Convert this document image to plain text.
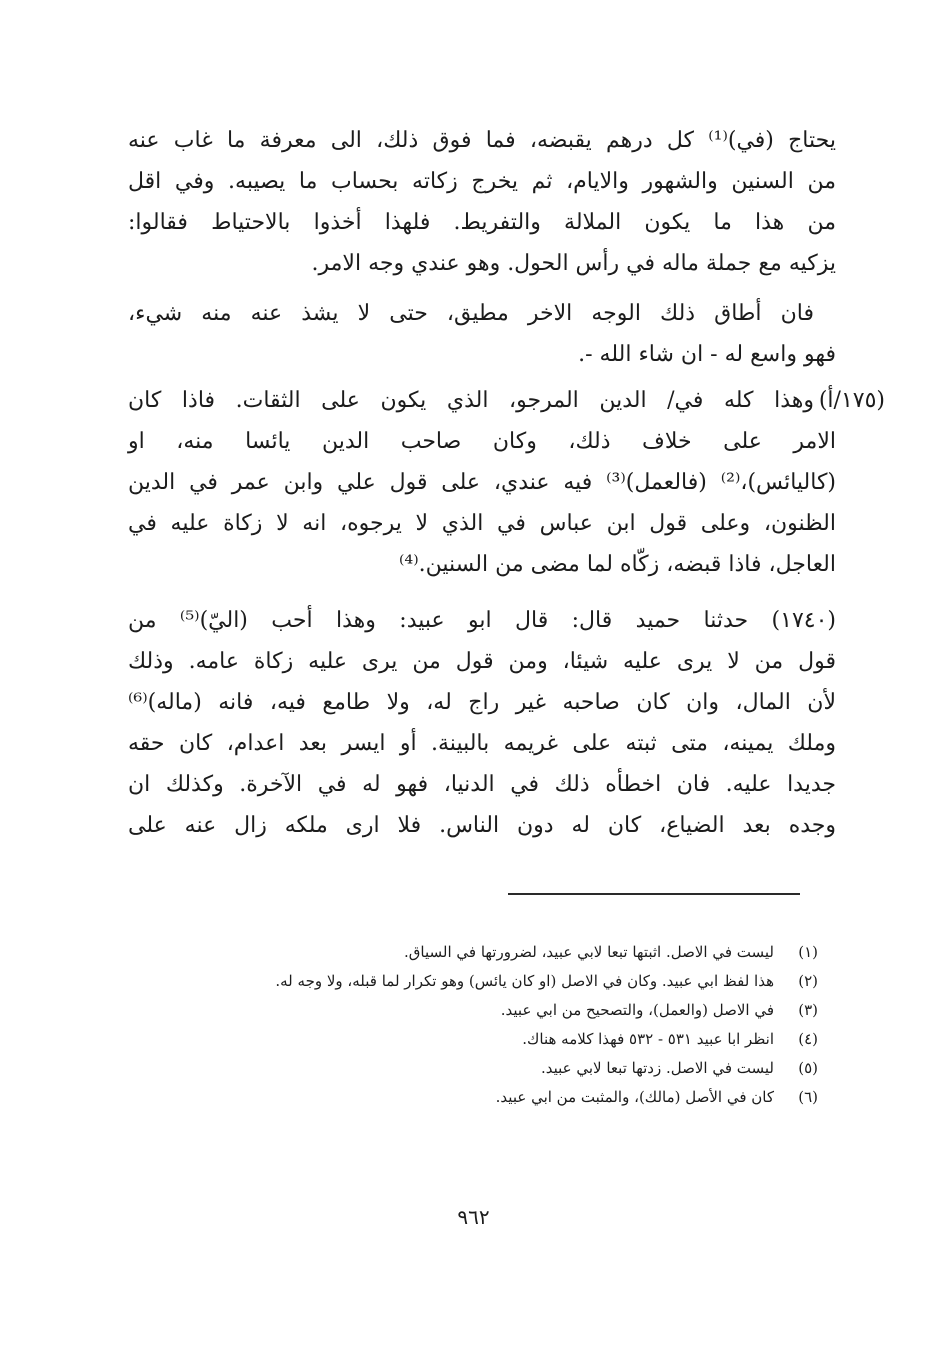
يحتاج (في)⁽¹⁾ كل درهم يقبضه، فما فوق ذلك، الى معرفة ما غاب عنه
من السنين والشهور والايام، ثم يخرج زكاته بحساب ما يصيبه. وفي اقل
من هذا ما يكون الملالة والتفريط. فلهذا أخذوا بالاحتياط فقالوا:
يزكيه مع جملة ماله في رأس الحول. وهو عندي وجه الامر.
فان أطاق ذلك الوجه الاخر مطيق، حتى لا يشذ عنه منه شيء،
فهو واسع له - ان شاء الله -.
(١٧٥/أ)
وهذا كله في/ الدين المرجو، الذي يكون على الثقات. فاذا كان
الامر على خلاف ذلك، وكان صاحب الدين يائسا منه، او
(كاليائس)،⁽²⁾ (فالعمل)⁽³⁾ فيه عندي، على قول علي وابن عمر في الدين
الظنون، وعلى قول ابن عباس في الذي لا يرجوه، انه لا زكاة عليه في
العاجل، فاذا قبضه، زكّاه لما مضى من السنين.⁽⁴⁾
(١٧٤٠) حدثنا حميد قال: قال ابو عبيد: وهذا أحب (اليّ)⁽⁵⁾ من
قول من لا يرى عليه شيئا، ومن قول من يرى عليه زكاة عامه. وذلك
لأن المال، وان كان صاحبه غير راج له، ولا طامع فيه، فانه (ماله)⁽⁶⁾
وملك يمينه، متى ثبته على غريمه بالبينة. أو ايسر بعد اعدام، كان حقه
جديدا عليه. فان اخطأه ذلك في الدنيا، فهو له في الآخرة. وكذلك ان
وجده بعد الضياع، كان له دون الناس. فلا ارى ملكه زال عنه على
(١)
ليست في الاصل. اثبتها تبعا لابي عبيد، لضرورتها في السياق.
(٢)
هذا لفظ ابي عبيد. وكان في الاصل (او كان يائس) وهو تكرار لما قبله، ولا وجه له.
(٣)
في الاصل (والعمل)، والتصحيح من ابي عبيد.
(٤)
انظر ابا عبيد ٥٣١ - ٥٣٢ فهذا كلامه هناك.
(٥)
ليست في الاصل. زدتها تبعا لابي عبيد.
(٦)
كان في الأصل (مالك)، والمثبت من ابي عبيد.
٩٦٢
